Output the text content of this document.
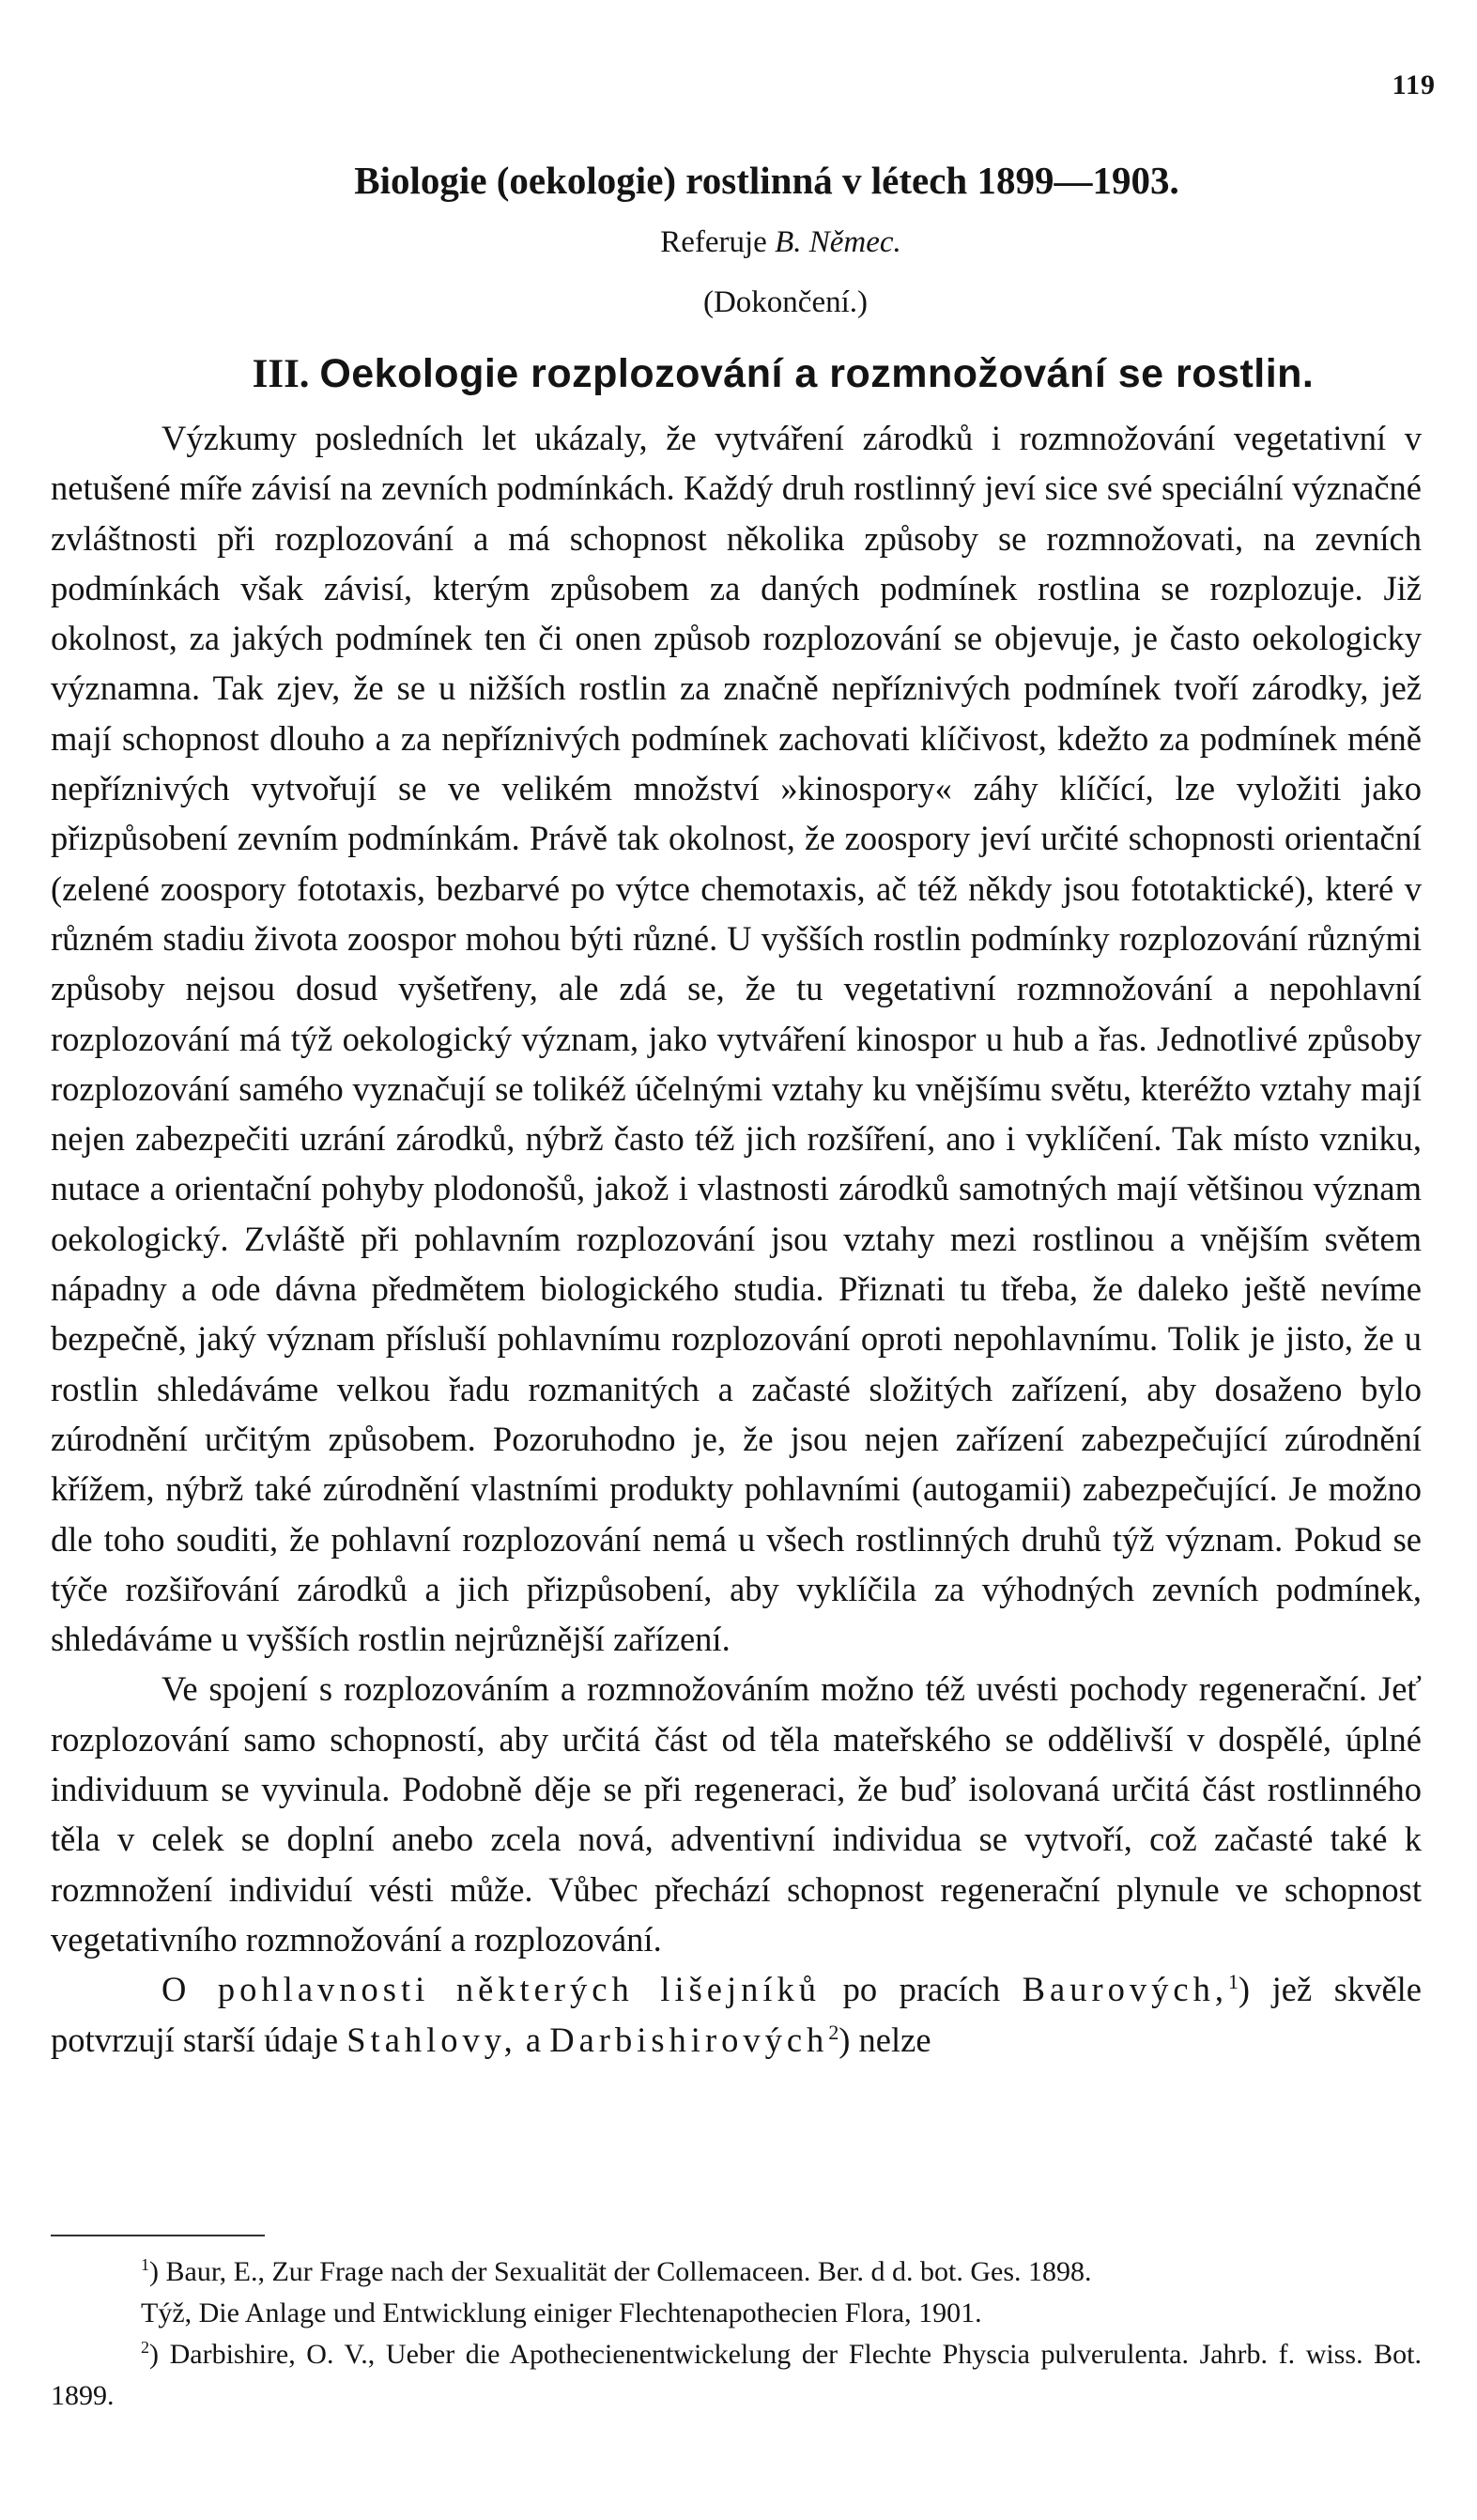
119
Biologie (oekologie) rostlinná v létech 1899—1903.
Referuje B. Němec.
(Dokončení.)
III. Oekologie rozplozování a rozmnožování se rostlin.

Výzkumy posledních let ukázaly, že vytváření zárodků i rozmnožování vegetativní v netušené míře závisí na zevních podmínkách. Každý druh rostlinný jeví sice své speciální význačné zvláštnosti při rozplozování a má schopnost několika způsoby se rozmnožovati, na zevních podmínkách však závisí, kterým způsobem za daných podmínek rostlina se rozplozuje. Již okolnost, za jakých podmínek ten či onen způsob rozplozování se objevuje, je často oekologicky významna. Tak zjev, že se u nižších rostlin za značně nepříznivých podmínek tvoří zárodky, jež mají schopnost dlouho a za nepříznivých podmínek zachovati klíčivost, kdežto za podmínek méně nepříznivých vytvořují se ve velikém množství »kinospory« záhy klíčící, lze vyložiti jako přizpůsobení zevním podmínkám. Právě tak okolnost, že zoospory jeví určité schopnosti orientační (zelené zoospory fototaxis, bezbarvé po výtce chemotaxis, ač též někdy jsou fototaktické), které v různém stadiu života zoospor mohou býti různé. U vyšších rostlin podmínky rozplozování různými způsoby nejsou dosud vyšetřeny, ale zdá se, že tu vegetativní rozmnožování a nepohlavní rozplozování má týž oekologický význam, jako vytváření kinospor u hub a řas. Jednotlivé způsoby rozplozování samého vyznačují se tolikéž účelnými vztahy ku vnějšímu světu, kteréžto vztahy mají nejen zabezpečiti uzrání zárodků, nýbrž často též jich rozšíření, ano i vyklíčení. Tak místo vzniku, nutace a orientační pohyby plodonošů, jakož i vlastnosti zárodků samotných mají většinou význam oekologický. Zvláště při pohlavním rozplozování jsou vztahy mezi rostlinou a vnějším světem nápadny a ode dávna předmětem biologického studia. Přiznati tu třeba, že daleko ještě nevíme bezpečně, jaký význam přísluší pohlavnímu rozplozování oproti nepohlavnímu. Tolik je jisto, že u rostlin shledáváme velkou řadu rozmanitých a začasté složitých zařízení, aby dosaženo bylo zúrodnění určitým způsobem. Pozoruhodno je, že jsou nejen zařízení zabezpečující zúrodnění křížem, nýbrž také zúrodnění vlastními produkty pohlavními (autogamii) zabezpečující. Je možno dle toho souditi, že pohlavní rozplozování nemá u všech rostlinných druhů týž význam. Pokud se týče rozšiřování zárodků a jich přizpůsobení, aby vyklíčila za výhodných zevních podmínek, shledáváme u vyšších rostlin nejrůznější zařízení.

Ve spojení s rozplozováním a rozmnožováním možno též uvésti pochody regenerační. Jeť rozplozování samo schopností, aby určitá část od těla mateřského se oddělivší v dospělé, úplné individuum se vyvinula. Podobně děje se při regeneraci, že buď isolovaná určitá část rostlinného těla v celek se doplní anebo zcela nová, adventivní individua se vytvoří, což začasté také k rozmnožení individuí vésti může. Vůbec přechází schopnost regenerační plynule ve schopnost vegetativního rozmnožování a rozplozování.

O pohlavnosti některých lišejníků po pracích Baurových,$^1$) jež skvěle potvrzují starší údaje Stahlovy, a Darbishirových$^2$) nelze

$^1$) Baur, E., Zur Frage nach der Sexualität der Collemaceen. Ber. d d. bot. Ges. 1898.

Týž, Die Anlage und Entwicklung einiger Flechtenapothecien Flora, 1901.

$^2$) Darbishire, O. V., Ueber die Apothecienentwickelung der Flechte Physcia pulverulenta. Jahrb. f. wiss. Bot. 1899.
